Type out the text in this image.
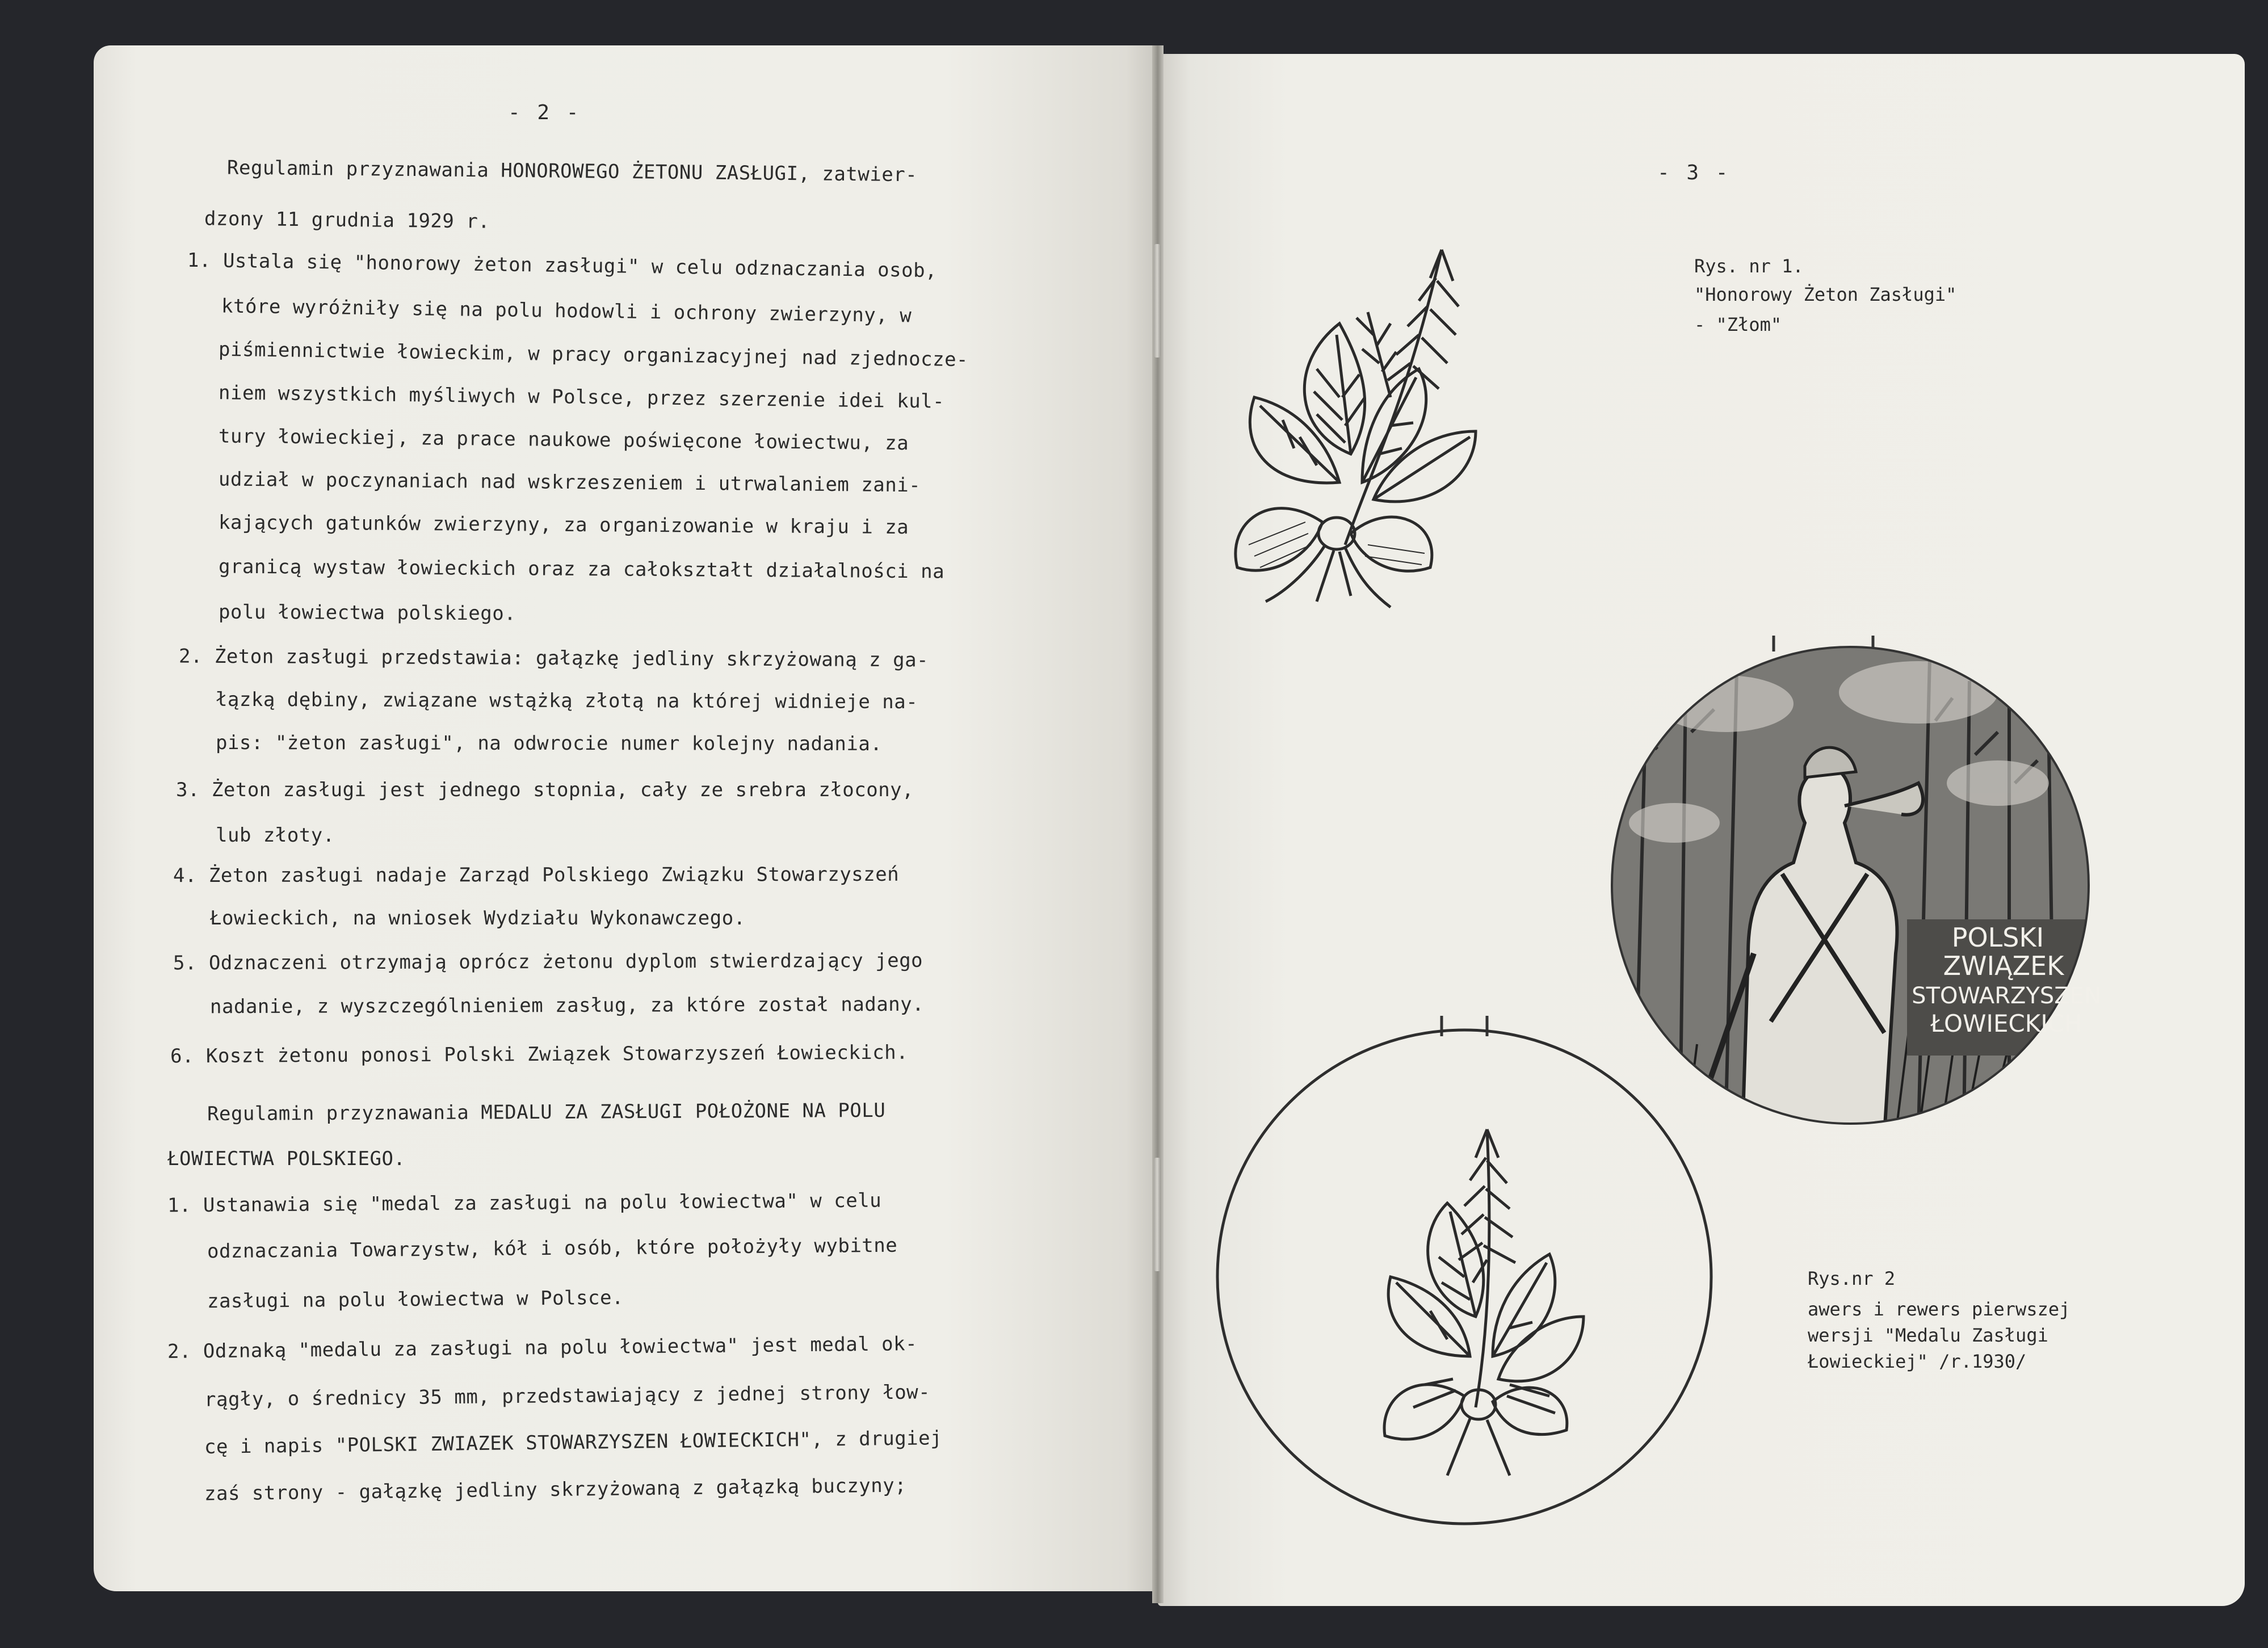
- 2 -
Regulamin przyznawania HONOROWEGO ŻETONU ZASŁUGI, zatwier-
dzony 11 grudnia 1929 r.
1. Ustala się "honorowy żeton zasługi" w celu odznaczania osob,
które wyróżniły się na polu hodowli i ochrony zwierzyny, w
piśmiennictwie łowieckim, w pracy organizacyjnej nad zjednocze-
niem wszystkich myśliwych w Polsce, przez szerzenie idei kul-
tury łowieckiej, za prace naukowe poświęcone łowiectwu, za
udział w poczynaniach nad wskrzeszeniem i utrwalaniem zani-
kających gatunków zwierzyny, za organizowanie w kraju i za
granicą wystaw łowieckich oraz za całokształt działalności na
polu łowiectwa polskiego.
2. Żeton zasługi przedstawia: gałązkę jedliny skrzyżowaną z ga-
łązką dębiny, związane wstążką złotą na której widnieje na-
pis: "żeton zasługi", na odwrocie numer kolejny nadania.
3. Żeton zasługi jest jednego stopnia, cały ze srebra złocony,
lub złoty.
4. Żeton zasługi nadaje Zarząd Polskiego Związku Stowarzyszeń
Łowieckich, na wniosek Wydziału Wykonawczego.
5. Odznaczeni otrzymają oprócz żetonu dyplom stwierdzający jego
nadanie, z wyszczególnieniem zasług, za które został nadany.
6. Koszt żetonu ponosi Polski Związek Stowarzyszeń Łowieckich.
Regulamin przyznawania MEDALU ZA ZASŁUGI POŁOŻONE NA POLU
ŁOWIECTWA POLSKIEGO.
1. Ustanawia się "medal za zasługi na polu łowiectwa" w celu
odznaczania Towarzystw, kół i osób, które położyły wybitne
zasługi na polu łowiectwa w Polsce.
2. Odznaką "medalu za zasługi na polu łowiectwa" jest medal ok-
rągły, o średnicy 35 mm, przedstawiający z jednej strony łow-
cę i napis "POLSKI ZWIAZEK STOWARZYSZEN ŁOWIECKICH", z drugiej
zaś strony - gałązkę jedliny skrzyżowaną z gałązką buczyny;
- 3 -
Rys. nr 1.
"Honorowy Żeton Zasługi"
- "Złom"
Rys.nr 2
awers i rewers pierwszej
wersji "Medalu Zasługi
Łowieckiej" /r.1930/
POLSKI
ZWIĄZEK
STOWARZYSZEN
ŁOWIECKICH
